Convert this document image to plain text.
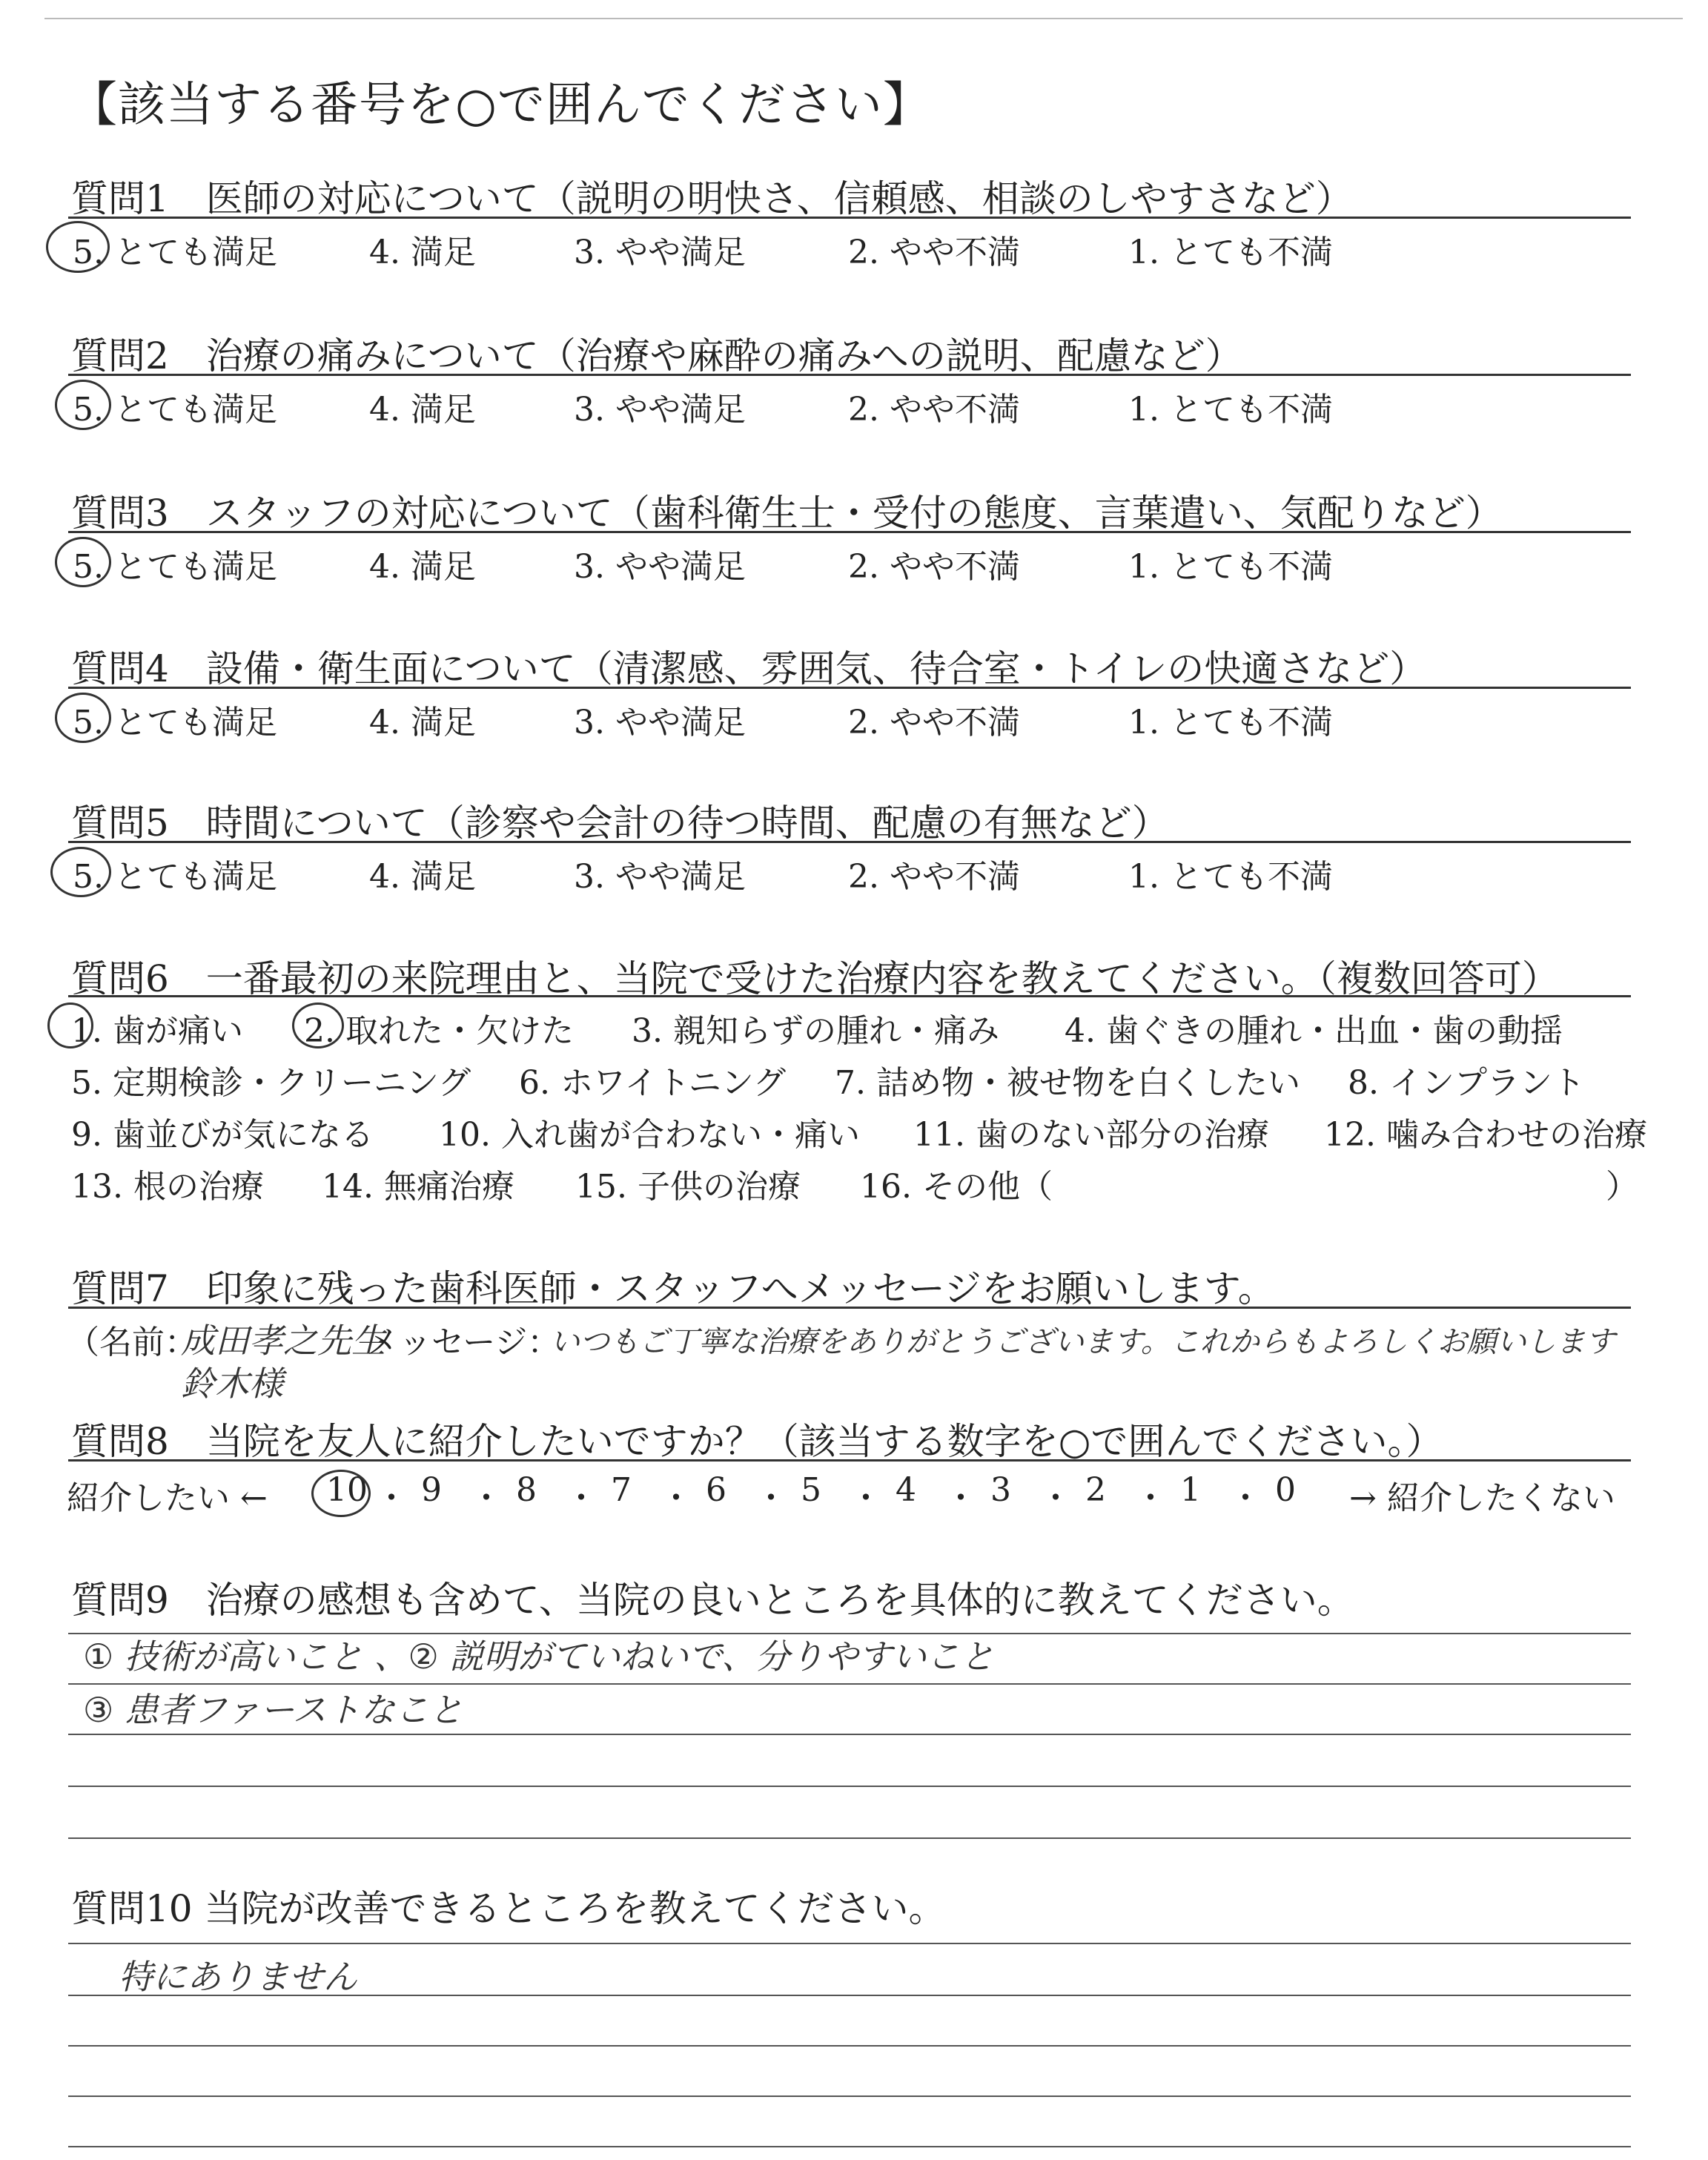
【該当する番号を○で囲んでください】
質問1　医師の対応について（説明の明快さ、信頼感、相談のしやすさなど）
5. とても満足	4. 満足	3. やや満足	2. やや不満	1. とても不満
質問2　治療の痛みについて（治療や麻酔の痛みへの説明、配慮など）
5. とても満足	4. 満足	3. やや満足	2. やや不満	1. とても不満
質問3　スタッフの対応について（歯科衛生士・受付の態度、言葉遣い、気配りなど）
5. とても満足	4. 満足	3. やや満足	2. やや不満	1. とても不満
質問4　設備・衛生面について（清潔感、雰囲気、待合室・トイレの快適さなど）
5. とても満足	4. 満足	3. やや満足	2. やや不満	1. とても不満
質問5　時間について（診察や会計の待つ時間、配慮の有無など）
5. とても満足	4. 満足	3. やや満足	2. やや不満	1. とても不満
質問6　一番最初の来院理由と、当院で受けた治療内容を教えてください。（複数回答可）
1. 歯が痛い 2. 取れた・欠けた 3. 親知らずの腫れ・痛み 4. 歯ぐきの腫れ・出血・歯の動揺
5. 定期検診・クリーニング 6. ホワイトニング 7. 詰め物・被せ物を白くしたい 8. インプラント
9. 歯並びが気になる 10. 入れ歯が合わない・痛い 11. 歯のない部分の治療 12. 噛み合わせの治療
13. 根の治療 14. 無痛治療 15. 子供の治療 16. その他（	）
質問7　印象に残った歯科医師・スタッフへメッセージをお願いします。
（名前：
成田孝之先生
鈴木様
メッセージ：
いつもご丁寧な治療をありがとうございます。これからもよろしくお願いします
質問8　当院を友人に紹介したいですか？（該当する数字を○で囲んでください。）
紹介したい ←	→ 紹介したくない
10 ・ 9 ・ 8 ・ 7 ・ 6 ・ 5 ・ 4 ・ 3 ・ 2 ・ 1 ・ 0
質問9　治療の感想も含めて、当院の良いところを具体的に教えてください。
① 技術が高いこと 、② 説明がていねいで、分りやすいこと
③ 患者ファーストなこと
質問10 当院が改善できるところを教えてください。
特にありません
